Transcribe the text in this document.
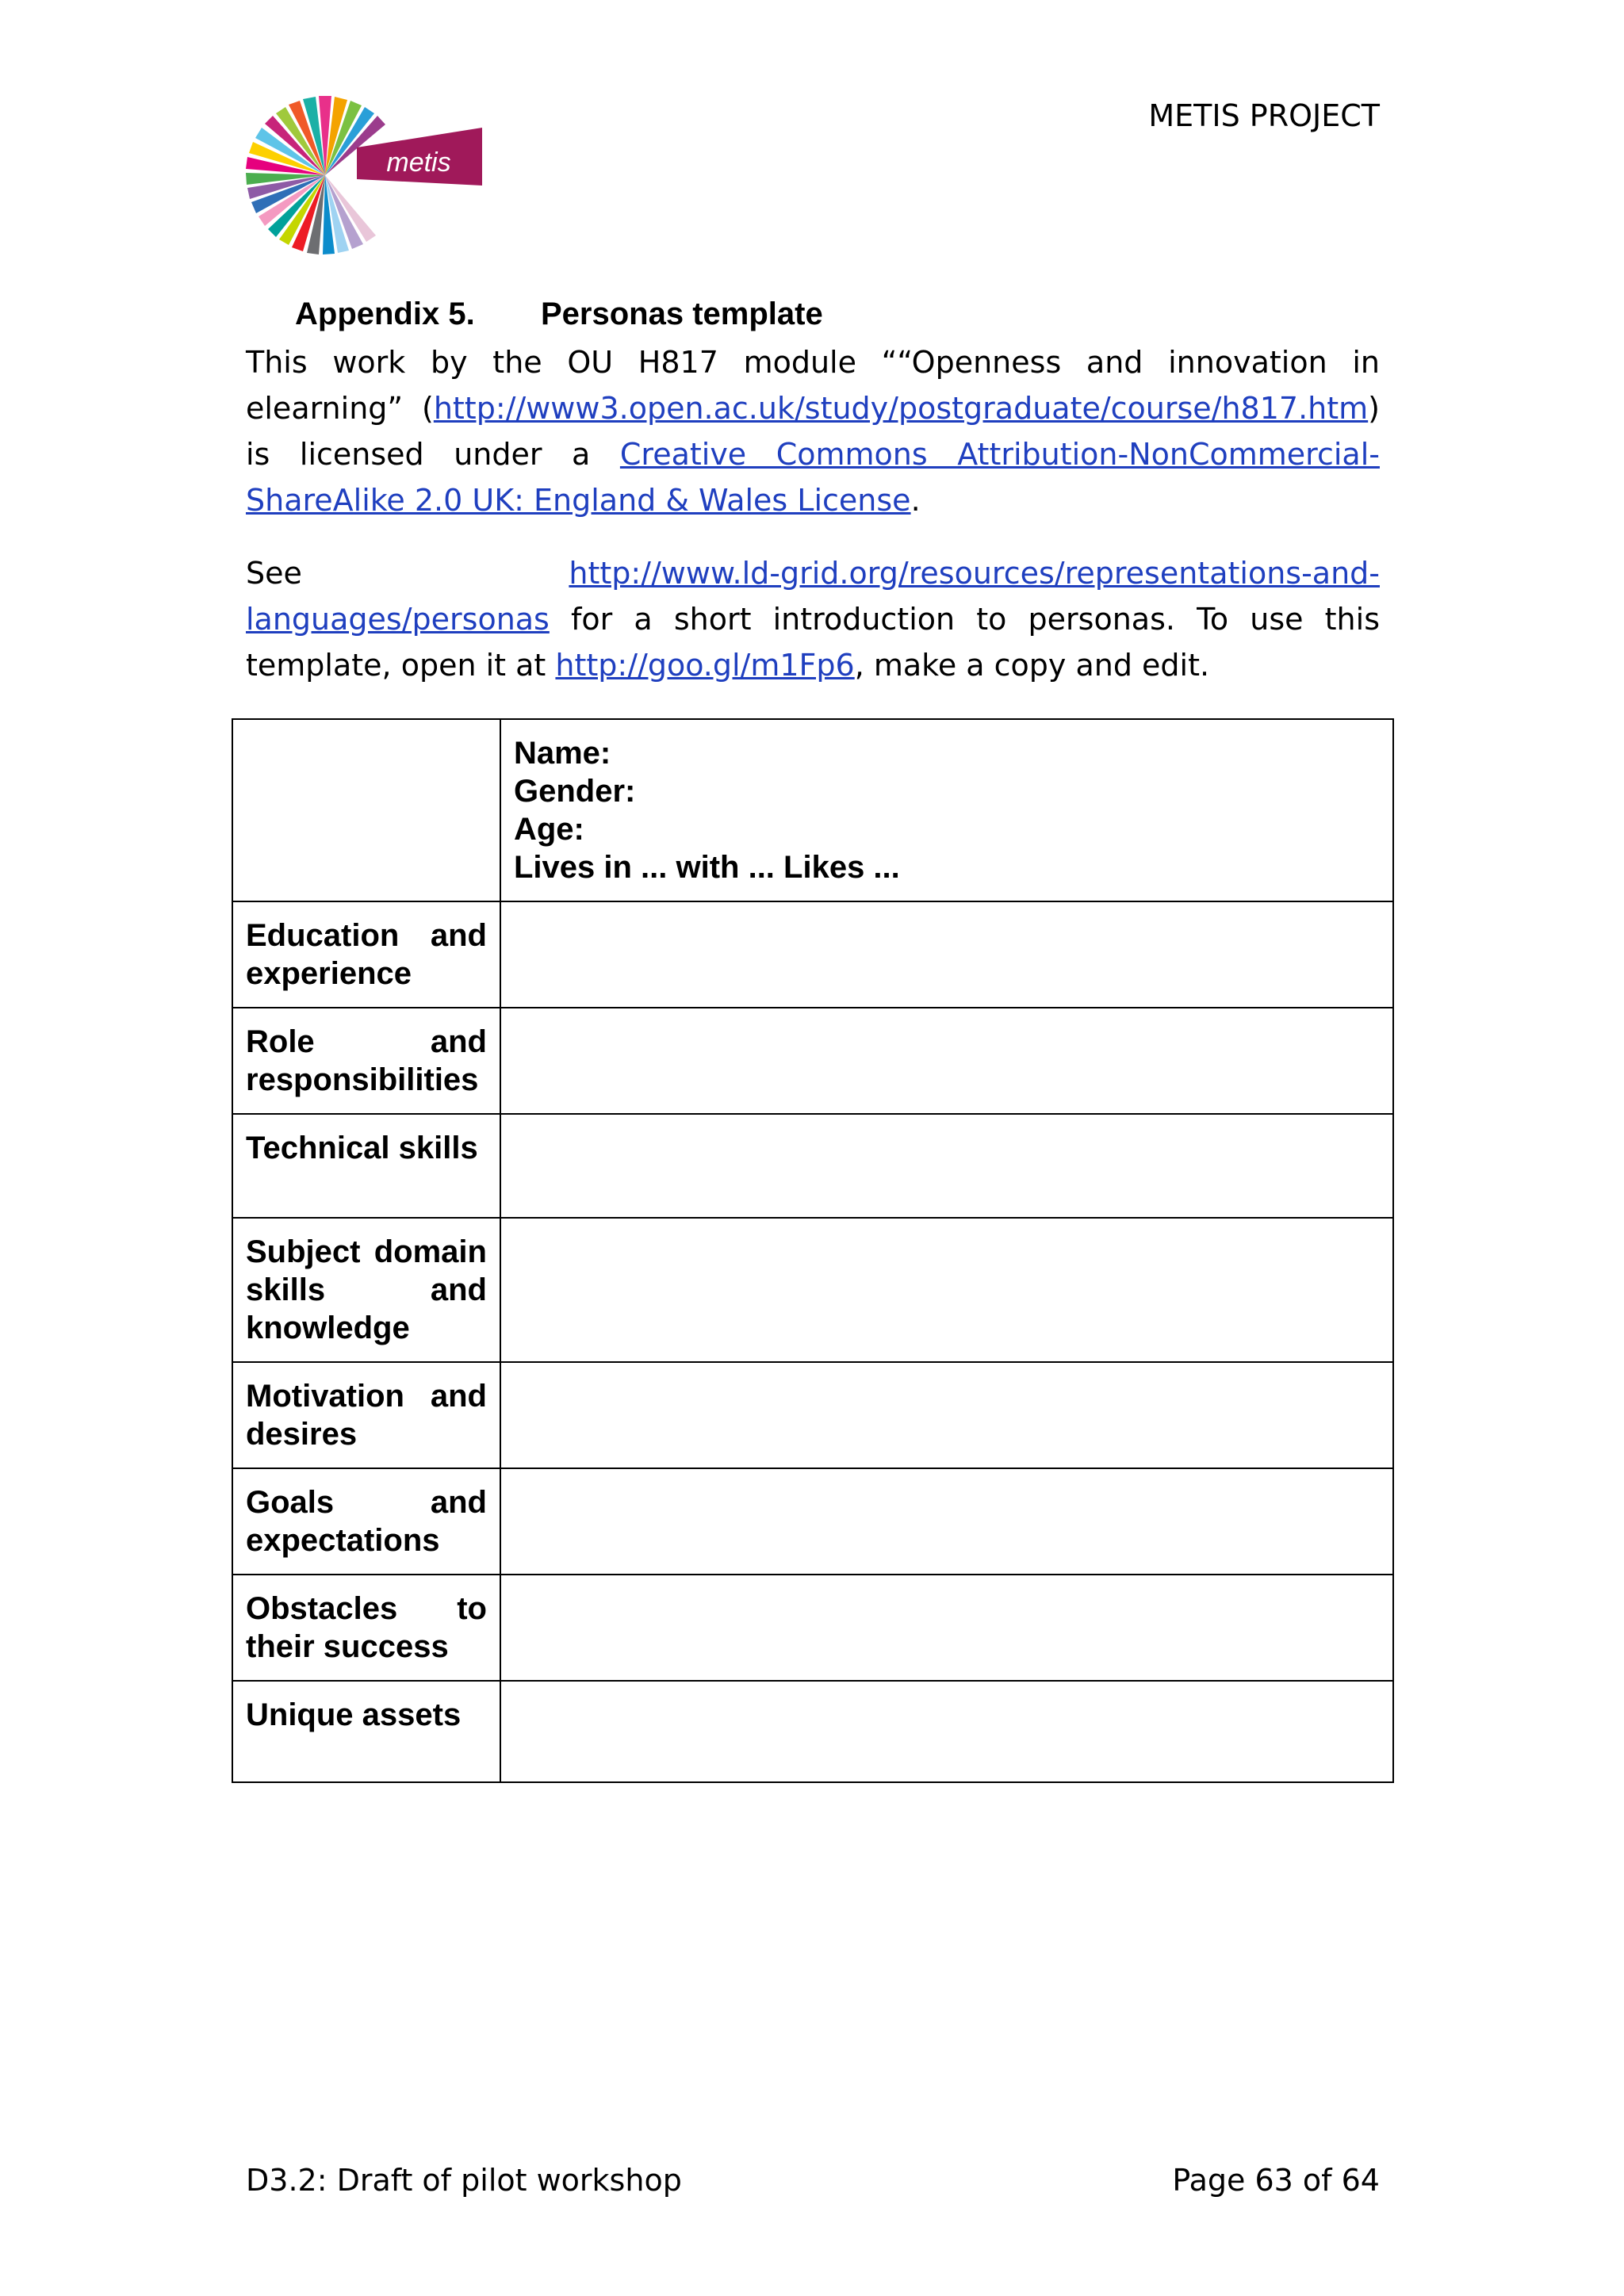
METIS PROJECT
metis
Appendix 5. Personas template
This work by the OU H817 module ““Openness and innovation in elearning” (http://www3.open.ac.uk/study/postgraduate/course/h817.htm) is licensed under a Creative Commons Attribution-NonCommercial-ShareAlike 2.0 UK: England & Wales License.
See http://www.ld-grid.org/resources/representations-and-languages/personas for a short introduction to personas. To use this template, open it at http://goo.gl/m1Fp6, make a copy and edit.

	Name:
Gender:
Age:
Lives in ... with ... Likes ...

Education and experience	
Role and responsibilities	
Technical skills	
Subject domain skills and knowledge	
Motivation and desires	
Goals and expectations	
Obstacles to their success	
Unique assets	
D3.2: Draft of pilot workshop	Page 63 of 64
